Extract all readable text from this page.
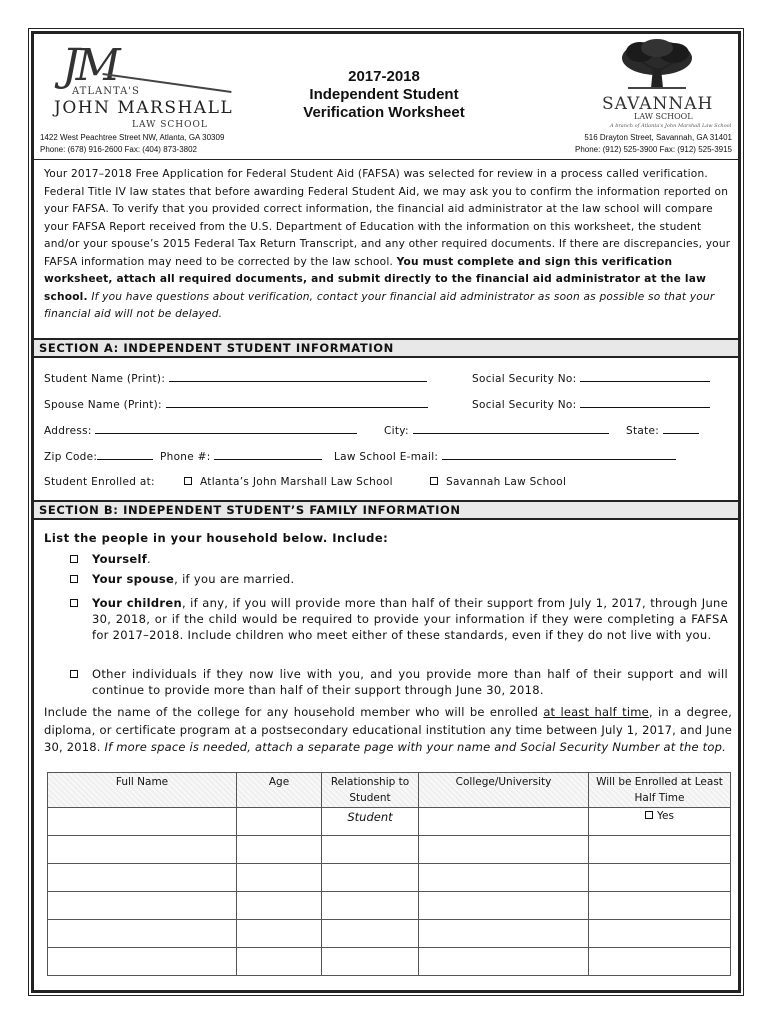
JM
ATLANTA'S
JOHN MARSHALL
LAW SCHOOL
2017-2018
Independent Student
Verification Worksheet	SAVANNAH
LAW SCHOOL
A branch of Atlanta's John Marshall Law School
1422 West Peachtree Street NW, Atlanta, GA 30309
Phone: (678) 916-2600 Fax: (404) 873-3802
516 Drayton Street, Savannah, GA 31401
Phone: (912) 525-3900 Fax: (912) 525-3915
Your 2017–2018 Free Application for Federal Student Aid (FAFSA) was selected for review in a process called verification. Federal Title IV law states that before awarding Federal Student Aid, we may ask you to confirm the information reported on your FAFSA. To verify that you provided correct information, the financial aid administrator at the law school will compare your FAFSA Report received from the U.S. Department of Education with the information on this worksheet, the student and/or your spouse’s 2015 Federal Tax Return Transcript, and any other required documents. If there are discrepancies, your FAFSA information may need to be corrected by the law school. You must complete and sign this verification worksheet, attach all required documents, and submit directly to the financial aid administrator at the law school. If you have questions about verification, contact your financial aid administrator as soon as possible so that your financial aid will not be delayed.
SECTION A: INDEPENDENT STUDENT INFORMATION
Student Name (Print):	Social Security No:
Spouse Name (Print):	Social Security No:
Address:	City:	State:
Zip Code:	Phone #:	Law School E-mail:
Student Enrolled at:	Atlanta’s John Marshall Law School	Savannah Law School
SECTION B: INDEPENDENT STUDENT’S FAMILY INFORMATION
List the people in your household below. Include:
Yourself.
Your spouse, if you are married.
Your children, if any, if you will provide more than half of their support from July 1, 2017, through June 30, 2018, or if the child would be required to provide your information if they were completing a FAFSA for 2017–2018. Include children who meet either of these standards, even if they do not live with you.
Other individuals if they now live with you, and you provide more than half of their support and will continue to provide more than half of their support through June 30, 2018.
Include the name of the college for any household member who will be enrolled at least half time, in a degree, diploma, or certificate program at a postsecondary educational institution any time between July 1, 2017, and June 30, 2018. If more space is needed, attach a separate page with your name and Social Security Number at the top.
Full Name	Age	Relationship to Student	College/University	Will be Enrolled at Least Half Time
		Student		Yes
